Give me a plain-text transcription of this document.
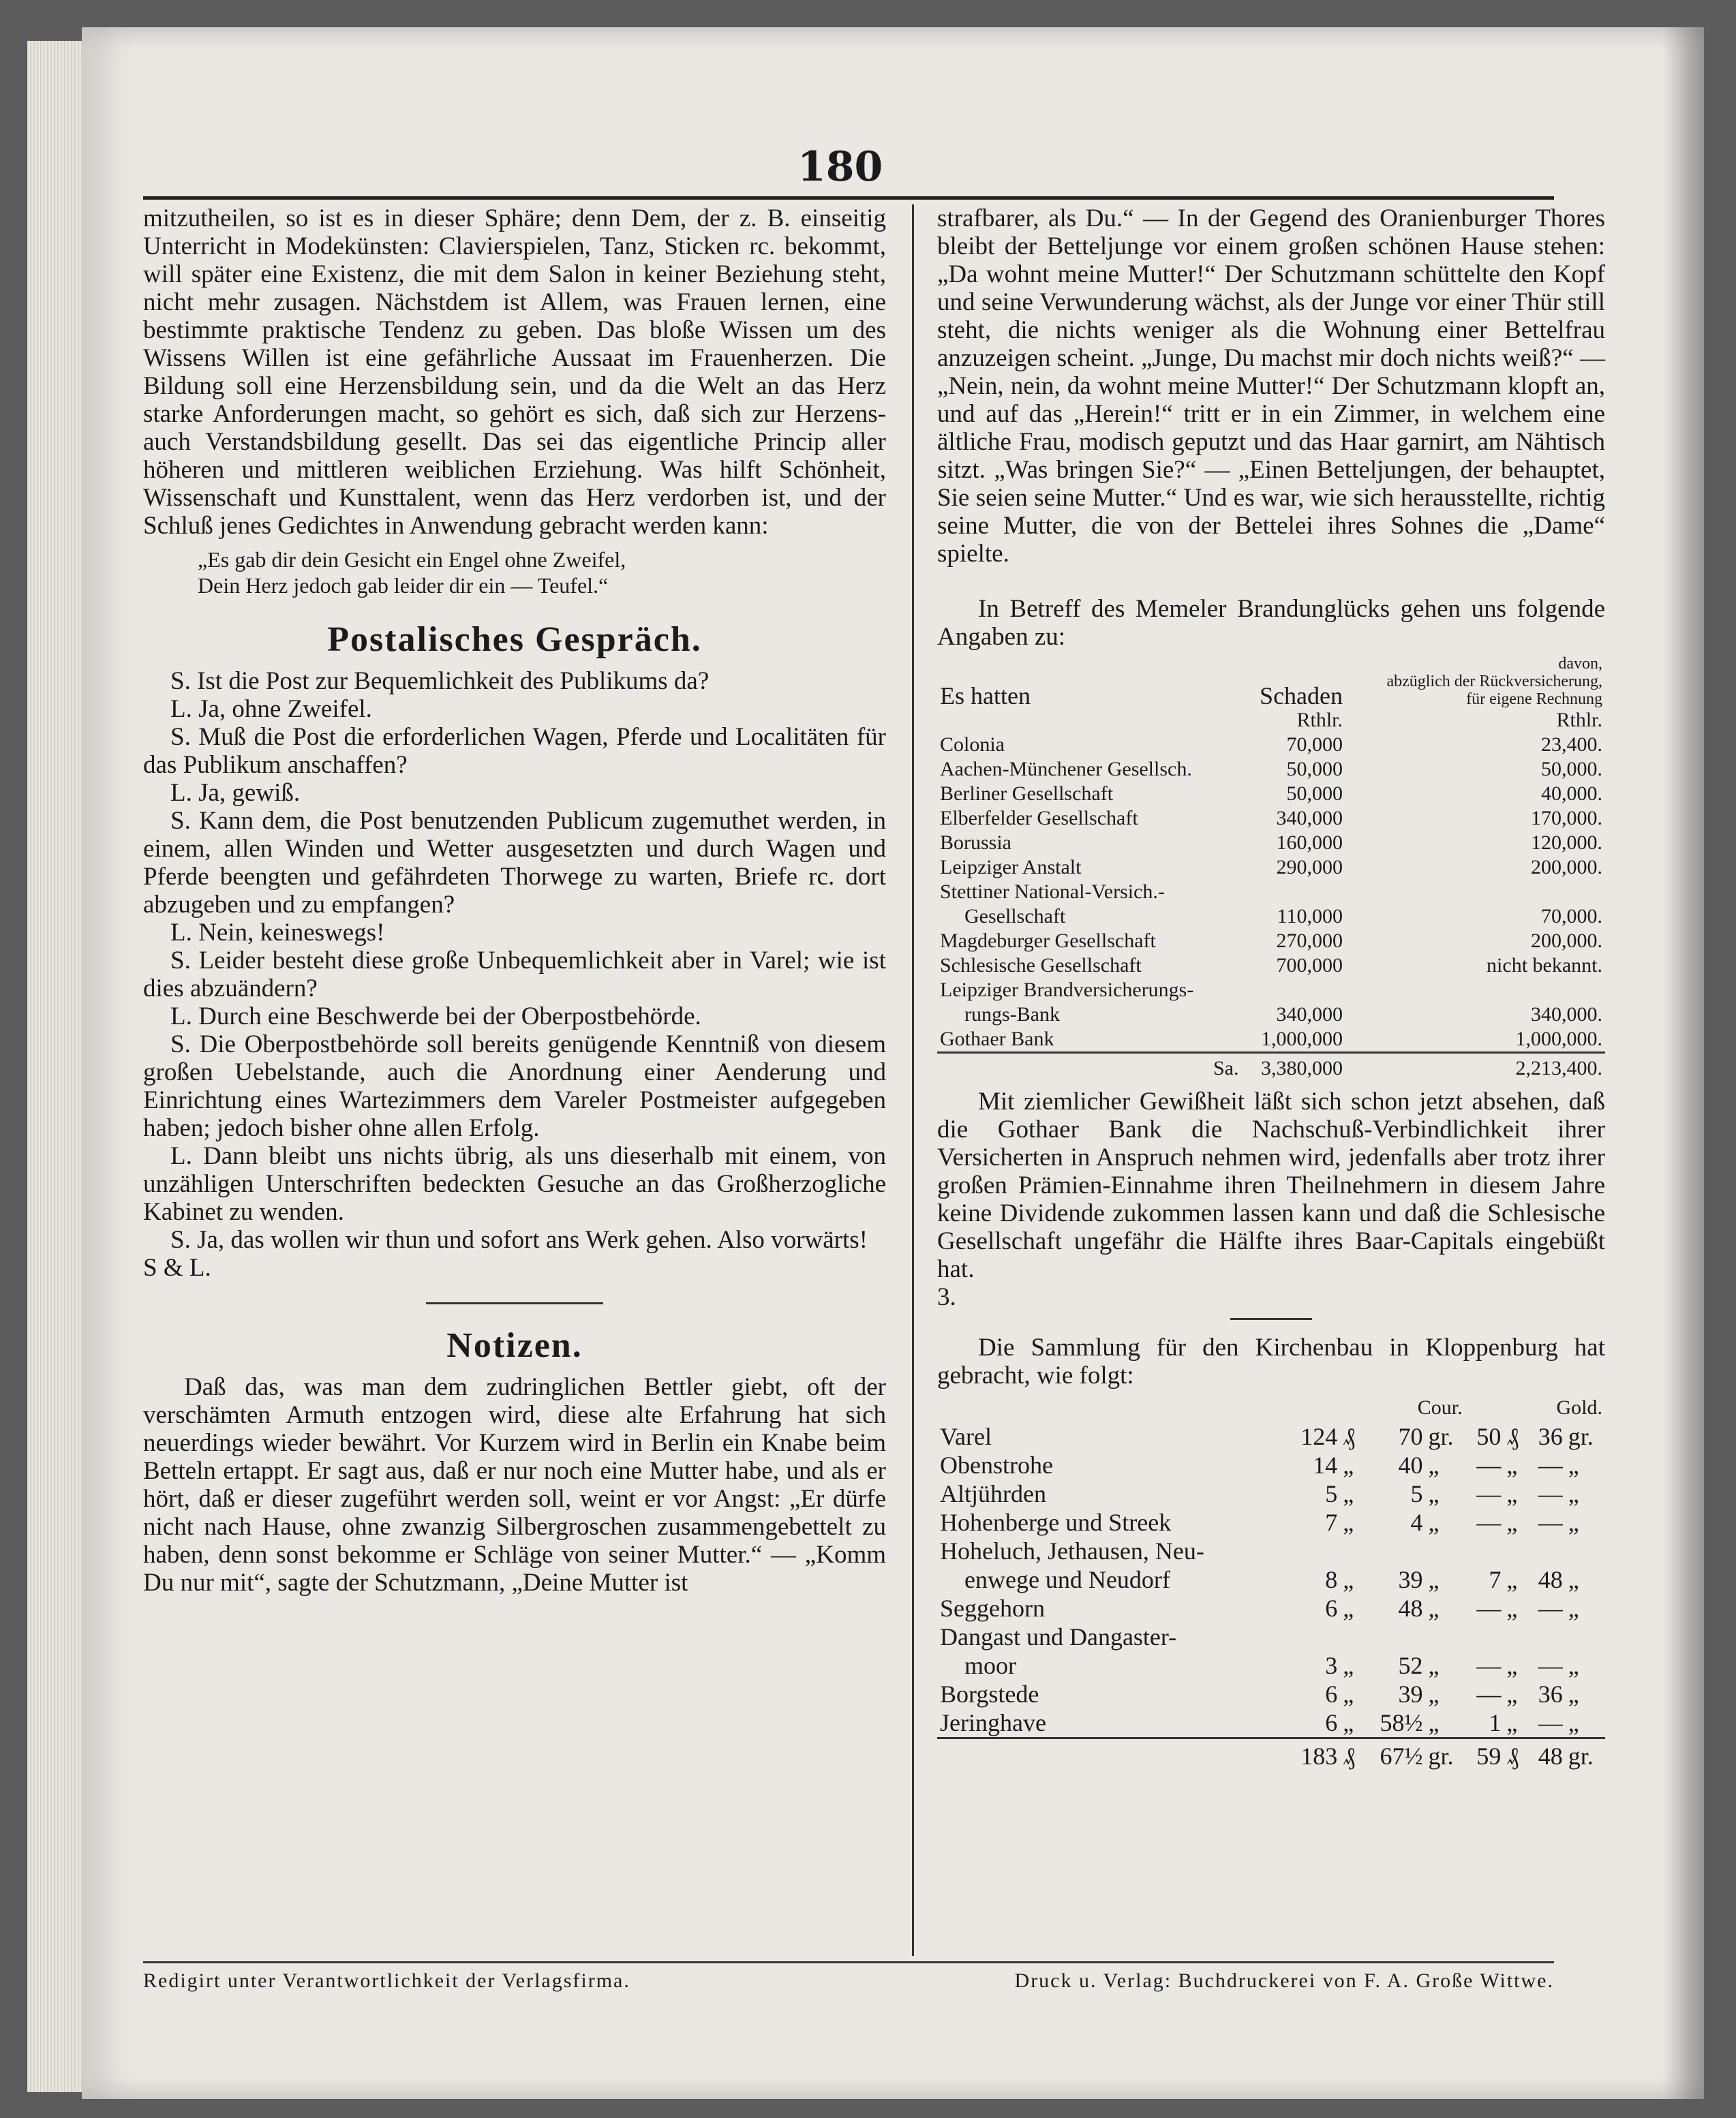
180

mitzutheilen, so ist es in dieser Sphäre; denn Dem, der z. B. einseitig Unterricht in Modekünsten: Clavierspielen, Tanz, Sticken rc. bekommt, will später eine Existenz, die mit dem Salon in keiner Beziehung steht, nicht mehr zusagen. Nächstdem ist Allem, was Frauen lernen, eine bestimmte praktische Tendenz zu geben. Das bloße Wissen um des Wissens Willen ist eine gefährliche Aussaat im Frauenherzen. Die Bildung soll eine Herzensbildung sein, und da die Welt an das Herz starke Anforderungen macht, so gehört es sich, daß sich zur Herzens- auch Verstandsbildung gesellt. Das sei das eigentliche Princip aller höheren und mittleren weiblichen Erziehung. Was hilft Schönheit, Wissenschaft und Kunsttalent, wenn das Herz verdorben ist, und der Schluß jenes Gedichtes in Anwendung gebracht werden kann:

„Es gab dir dein Gesicht ein Engel ohne Zweifel,
Dein Herz jedoch gab leider dir ein — Teufel.“

Postalisches Gespräch.

S. Ist die Post zur Bequemlichkeit des Publikums da?

L. Ja, ohne Zweifel.

S. Muß die Post die erforderlichen Wagen, Pferde und Localitäten für das Publikum anschaffen?

L. Ja, gewiß.

S. Kann dem, die Post benutzenden Publicum zugemuthet werden, in einem, allen Winden und Wetter ausgesetzten und durch Wagen und Pferde beengten und gefährdeten Thorwege zu warten, Briefe rc. dort abzugeben und zu empfangen?

L. Nein, keineswegs!

S. Leider besteht diese große Unbequemlichkeit aber in Varel; wie ist dies abzuändern?

L. Durch eine Beschwerde bei der Oberpostbehörde.

S. Die Oberpostbehörde soll bereits genügende Kenntniß von diesem großen Uebelstande, auch die Anordnung einer Aenderung und Einrichtung eines Wartezimmers dem Vareler Postmeister aufgegeben haben; jedoch bisher ohne allen Erfolg.

L. Dann bleibt uns nichts übrig, als uns dieserhalb mit einem, von unzähligen Unterschriften bedeckten Gesuche an das Großherzogliche Kabinet zu wenden.

S. Ja, das wollen wir thun und sofort ans Werk gehen. Also vorwärts!

S & L.

Notizen.

Daß das, was man dem zudringlichen Bettler giebt, oft der verschämten Armuth entzogen wird, diese alte Erfahrung hat sich neuerdings wieder bewährt. Vor Kurzem wird in Berlin ein Knabe beim Betteln ertappt. Er sagt aus, daß er nur noch eine Mutter habe, und als er hört, daß er dieser zugeführt werden soll, weint er vor Angst: „Er dürfe nicht nach Hause, ohne zwanzig Silbergroschen zusammengebettelt zu haben, denn sonst bekomme er Schläge von seiner Mutter.“ — „Komm Du nur mit“, sagte der Schutzmann, „Deine Mutter ist

strafbarer, als Du.“ — In der Gegend des Oranienburger Thores bleibt der Betteljunge vor einem großen schönen Hause stehen: „Da wohnt meine Mutter!“ Der Schutzmann schüttelte den Kopf und seine Verwunderung wächst, als der Junge vor einer Thür still steht, die nichts weniger als die Wohnung einer Bettelfrau anzuzeigen scheint. „Junge, Du machst mir doch nichts weiß?“ — „Nein, nein, da wohnt meine Mutter!“ Der Schutzmann klopft an, und auf das „Herein!“ tritt er in ein Zimmer, in welchem eine ältliche Frau, modisch geputzt und das Haar garnirt, am Nähtisch sitzt. „Was bringen Sie?“ — „Einen Betteljungen, der behauptet, Sie seien seine Mutter.“ Und es war, wie sich herausstellte, richtig seine Mutter, die von der Bettelei ihres Sohnes die „Dame“ spielte.

In Betreff des Memeler Brandunglücks gehen uns folgende Angaben zu:

Es hatten	Schaden	davon,
abzüglich der Rückversicherung,
für eigene Rechnung
	Rthlr.	Rthlr.
Colonia	70,000	23,400.
Aachen-Münchener Gesellsch.	50,000	50,000.
Berliner Gesellschaft	50,000	40,000.
Elberfelder Gesellschaft	340,000	170,000.
Borussia	160,000	120,000.
Leipziger Anstalt	290,000	200,000.
Stettiner National-Versich.-		
Gesellschaft	110,000	70,000.
Magdeburger Gesellschaft	270,000	200,000.
Schlesische Gesellschaft	700,000	nicht bekannt.
Leipziger Brandversicherungs-		
rungs-Bank	340,000	340,000.
Gothaer Bank	1,000,000	1,000,000.
Sa.	3,380,000	2,213,400.

Mit ziemlicher Gewißheit läßt sich schon jetzt absehen, daß die Gothaer Bank die Nachschuß-Verbindlichkeit ihrer Versicherten in Anspruch nehmen wird, jedenfalls aber trotz ihrer großen Prämien-Einnahme ihren Theilnehmern in diesem Jahre keine Dividende zukommen lassen kann und daß die Schlesische Gesellschaft ungefähr die Hälfte ihres Baar-Capitals eingebüßt hat.

3.

Die Sammlung für den Kirchenbau in Kloppenburg hat gebracht, wie folgt:

	Cour.				Gold.			
Varel	124	₰	70	gr.	50	₰	36	gr.
Obenstrohe	14	„	40	„	—	„	—	„
Altjührden	5	„	5	„	—	„	—	„
Hohenberge und Streek	7	„	4	„	—	„	—	„
Hoheluch, Jethausen, Neu-								
enwege und Neudorf	8	„	39	„	7	„	48	„
Seggehorn	6	„	48	„	—	„	—	„
Dangast und Dangaster-								
moor	3	„	52	„	—	„	—	„
Borgstede	6	„	39	„	—	„	36	„
Jeringhave	6	„	58½	„	1	„	—	„
	183	₰	67½	gr.	59	₰	48	gr.
Redigirt unter Verantwortlichkeit der Verlagsfirma.	Druck u. Verlag: Buchdruckerei von F. A. Große Wittwe.
